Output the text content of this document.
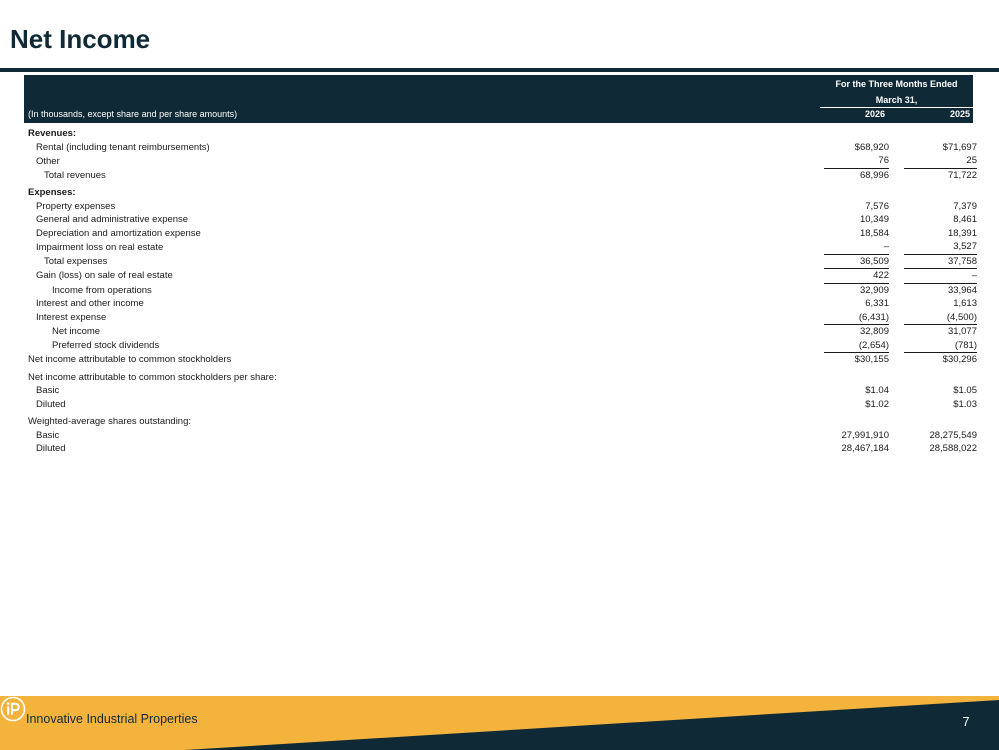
Net Income
For the Three Months Ended
March 31,
(In thousands, except share and per share amounts)	2026	2025
Revenues:			
Rental (including tenant reimbursements)	$68,920		$71,697
Other	76		25
Total revenues	68,996		71,722
Expenses:			
Property expenses	7,576		7,379
General and administrative expense	10,349		8,461
Depreciation and amortization expense	18,584		18,391
Impairment loss on real estate	–		3,527
Total expenses	36,509		37,758
Gain (loss) on sale of real estate	422		–
Income from operations	32,909		33,964
Interest and other income	6,331		1,613
Interest expense	(6,431)		(4,500)
Net income	32,809		31,077
Preferred stock dividends	(2,654)		(781)
Net income attributable to common stockholders	$30,155		$30,296
Net income attributable to common stockholders per share:			
Basic	$1.04		$1.05
Diluted	$1.02		$1.03
Weighted-average shares outstanding:			
Basic	27,991,910		28,275,549
Diluted	28,467,184		28,588,022
Innovative Industrial Properties	7
